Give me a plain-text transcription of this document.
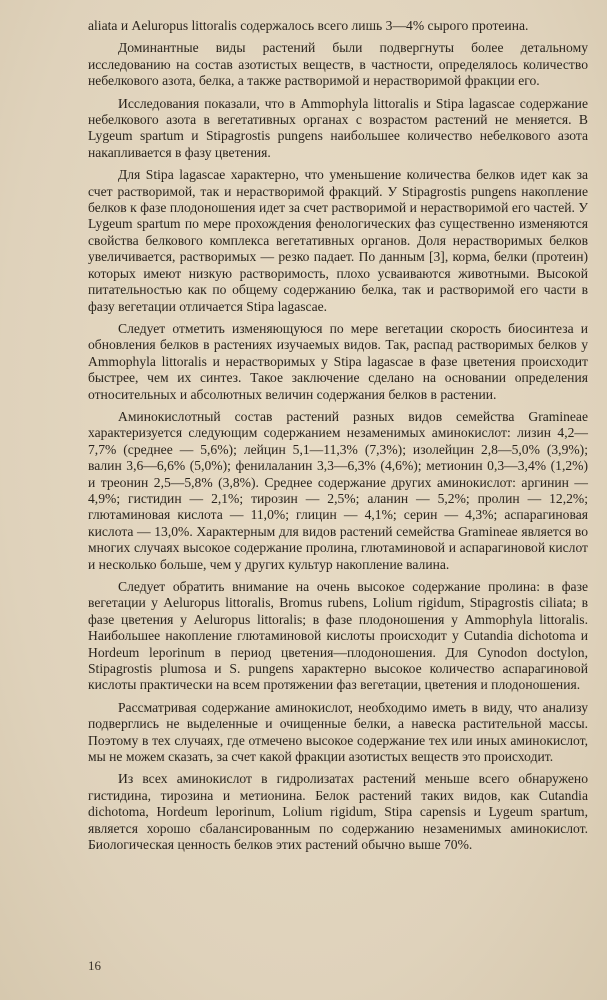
aliata и Aeluropus littoralis содержалось всего лишь 3—4% сырого протеина.

Доминантные виды растений были подвергнуты более детальному исследованию на состав азотистых веществ, в частности, определялось количество небелкового азота, белка, а также растворимой и нерастворимой фракции его.

Исследования показали, что в Ammophyla littoralis и Stipa lagascae содержание небелкового азота в вегетативных органах с возрастом растений не меняется. В Lygeum spartum и Stipagrostis pungens наибольшее количество небелкового азота накапливается в фазу цветения.

Для Stipa lagascae характерно, что уменьшение количества белков идет как за счет растворимой, так и нерастворимой фракций. У Stipagrostis pungens накопление белков к фазе плодоношения идет за счет растворимой и нерастворимой его частей. У Lygeum spartum по мере прохождения фенологических фаз существенно изменяются свойства белкового комплекса вегетативных органов. Доля нерастворимых белков увеличивается, растворимых — резко падает. По данным [3], корма, белки (протеин) которых имеют низкую растворимость, плохо усваиваются животными. Высокой питательностью как по общему содержанию белка, так и растворимой его части в фазу вегетации отличается Stipa lagascae.

Следует отметить изменяющуюся по мере вегетации скорость биосинтеза и обновления белков в растениях изучаемых видов. Так, распад растворимых белков у Ammophyla littoralis и нерастворимых у Stipa lagascae в фазе цветения происходит быстрее, чем их синтез. Такое заключение сделано на основании определения относительных и абсолютных величин содержания белков в растении.

Аминокислотный состав растений разных видов семейства Gramineae характеризуется следующим содержанием незаменимых аминокислот: лизин 4,2—7,7% (среднее — 5,6%); лейцин 5,1—11,3% (7,3%); изолейцин 2,8—5,0% (3,9%); валин 3,6—6,6% (5,0%); фенилаланин 3,3—6,3% (4,6%); метионин 0,3—3,4% (1,2%) и треонин 2,5—5,8% (3,8%). Среднее содержание других аминокислот: аргинин — 4,9%; гистидин — 2,1%; тирозин — 2,5%; аланин — 5,2%; пролин — 12,2%; глютаминовая кислота — 11,0%; глицин — 4,1%; серин — 4,3%; аспарагиновая кислота — 13,0%. Характерным для видов растений семейства Gramineae является во многих случаях высокое содержание пролина, глютаминовой и аспарагиновой кислот и несколько больше, чем у других культур накопление валина.

Следует обратить внимание на очень высокое содержание пролина: в фазе вегетации у Aeluropus littoralis, Bromus rubens, Lolium rigidum, Stipagrostis ciliata; в фазе цветения у Aeluropus littoralis; в фазе плодоношения у Ammophyla littoralis. Наибольшее накопление глютаминовой кислоты происходит у Cutandia dichotoma и Hordeum leporinum в период цветения—плодоношения. Для Cynodon doctylon, Stipagrostis plumosa и S. pungens характерно высокое количество аспарагиновой кислоты практически на всем протяжении фаз вегетации, цветения и плодоношения.

Рассматривая содержание аминокислот, необходимо иметь в виду, что анализу подверглись не выделенные и очищенные белки, а навеска растительной массы. Поэтому в тех случаях, где отмечено высокое содержание тех или иных аминокислот, мы не можем сказать, за счет какой фракции азотистых веществ это происходит.

Из всех аминокислот в гидролизатах растений меньше всего обнаружено гистидина, тирозина и метионина. Белок растений таких видов, как Cutandia dichotoma, Hordeum leporinum, Lolium rigidum, Stipa capensis и Lygeum spartum, является хорошо сбалансированным по содержанию незаменимых аминокислот. Биологическая ценность белков этих растений обычно выше 70%.

16
